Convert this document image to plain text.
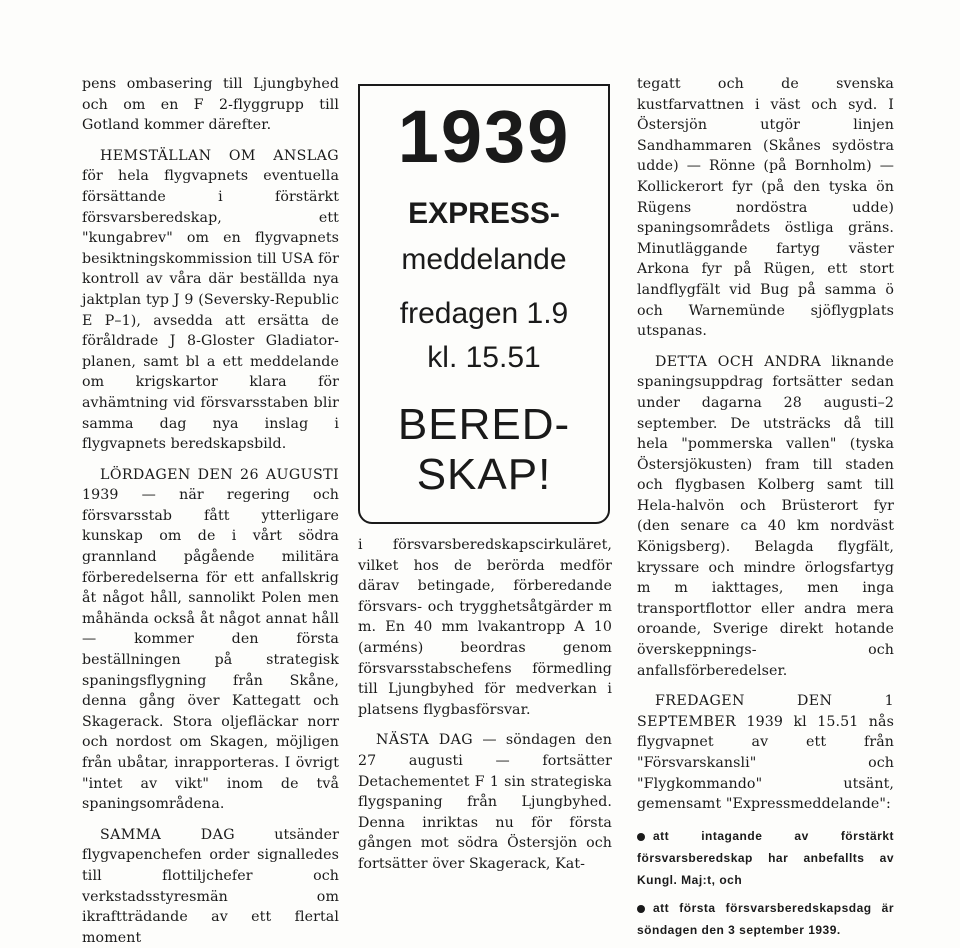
pens ombasering till Ljungbyhed och om en F 2-flyggrupp till Gotland kommer därefter.

HEMSTÄLLAN OM ANSLAG för hela flygvapnets eventuella försättande i förstärkt försvarsberedskap, ett "kungabrev" om en flygvapnets besiktningskommission till USA för kontroll av våra där beställda nya jaktplan typ J 9 (Seversky-Republic E P–1), avsedda att ersätta de föråldrade J 8-Gloster Gladiator-planen, samt bl a ett meddelande om krigskartor klara för avhämtning vid försvarsstaben blir samma dag nya inslag i flygvapnets beredskapsbild.

LÖRDAGEN DEN 26 AUGUSTI 1939 — när regering och försvarsstab fått ytterligare kunskap om de i vårt södra grannland pågående militära förberedelserna för ett anfallskrig åt något håll, sannolikt Polen men måhända också åt något annat håll — kommer den första beställningen på strategisk spaningsflygning från Skåne, denna gång över Kattegatt och Skagerack. Stora oljefläckar norr och nordost om Skagen, möjligen från ubåtar, inrapporteras. I övrigt "intet av vikt" inom de två spaningsområdena.

SAMMA DAG	utsänder flygvapenchefen order signalledes till flottiljchefer och verkstadsstyresmän om ikraftträdande av ett flertal moment

1939
EXPRESS-
meddelande
fredagen 1.9
kl. 15.51
BERED-
SKAP!

i försvarsberedskapscirkuläret, vilket hos de berörda medför därav betingade, förberedande försvars- och trygghetsåtgärder m m. En 40 mm lvakantropp A 10 (arméns) beordras genom försvarsstabschefens förmedling till Ljungbyhed för medverkan i platsens flygbasförsvar.

NÄSTA DAG — söndagen den 27 augusti — fortsätter Detachementet F 1 sin strategiska flygspaning från Ljungbyhed. Denna inriktas nu för första gången mot södra Östersjön och fortsätter över Skagerack, Kat-

tegatt och de svenska kustfarvattnen i väst och syd. I Östersjön utgör linjen Sandhammaren (Skånes sydöstra udde) — Rönne (på Bornholm) — Kollickerort fyr (på den tyska ön Rügens nordöstra udde) spaningsområdets östliga gräns. Minutläggande fartyg väster Arkona fyr på Rügen, ett stort landflygfält vid Bug på samma ö och Warnemünde sjöflygplats utspanas.

DETTA OCH ANDRA liknande spaningsuppdrag fortsätter sedan under dagarna 28 augusti–2 september. De utsträcks då till hela "pommerska vallen" (tyska Östersjökusten) fram till staden och flygbasen Kolberg samt till Hela-halvön och Brüsterort fyr (den senare ca 40 km nordväst Königsberg). Belagda flygfält, kryssare och mindre örlogsfartyg m m iakttages, men inga transportflottor eller andra mera oroande, Sverige direkt hotande överskeppnings- och anfallsförberedelser.

FREDAGEN DEN 1 SEPTEMBER 1939 kl 15.51 nås flygvapnet av ett från "Försvarskansli" och "Flygkommando" utsänt, gemensamt "Expressmeddelande":

att intagande av förstärkt försvarsberedskap har anbefallts av Kungl. Maj:t, och

att första försvarsberedskapsdag är söndagen den 3 september 1939.
